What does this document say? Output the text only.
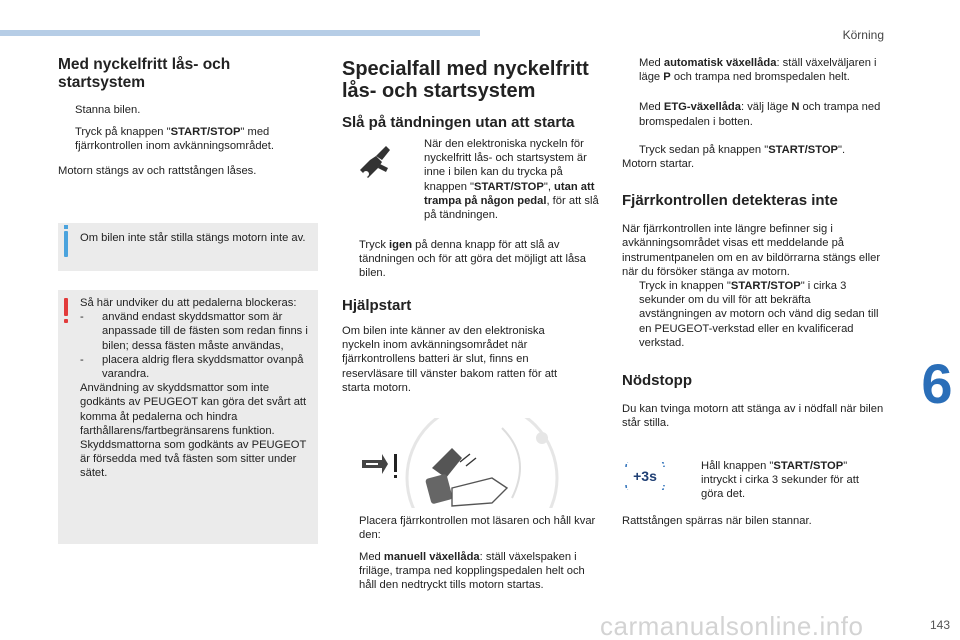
Körning
6
143
carmanualsonline.info
Med nyckelfritt lås- och startsystem
Stanna bilen.
Tryck på knappen "START/STOP" med fjärrkontrollen inom avkänningsområdet.

Motorn stängs av och rattstången låses.

Om bilen inte står stilla stängs motorn inte av.

Så här undviker du att pedalerna blockeras:

- använd endast skyddsmattor som är anpassade till de fästen som redan finns i bilen; dessa fästen måste användas,
- placera aldrig flera skyddsmattor ovanpå varandra.

Användning av skyddsmattor som inte godkänts av PEUGEOT kan göra det svårt att komma åt pedalerna och hindra farthållarens/fartbegränsarens funktion. Skyddsmattorna som godkänts av PEUGEOT är försedda med två fästen som sitter under sätet.

Specialfall med nyckelfritt lås- och startsystem
Slå på tändningen utan att starta
När den elektroniska nyckeln för nyckelfritt lås- och startsystem är inne i bilen kan du trycka på knappen "START/STOP", utan att trampa på någon pedal, för att slå på tändningen.
Tryck igen på denna knapp för att slå av tändningen och för att göra det möjligt att låsa bilen.
Hjälpstart

Om bilen inte känner av den elektroniska nyckeln inom avkänningsområdet när fjärrkontrollens batteri är slut, finns en reservläsare till vänster bakom ratten för att starta motorn.

Placera fjärrkontrollen mot läsaren och håll kvar den:
Med manuell växellåda: ställ växelspaken i friläge, trampa ned kopplingspedalen helt och håll den nedtryckt tills motorn startas.
Med automatisk växellåda: ställ växelväljaren i läge P och trampa ned bromspedalen helt.
Med ETG-växellåda: välj läge N och trampa ned bromspedalen i botten.
Tryck sedan på knappen "START/STOP".

Motorn startar.

Fjärrkontrollen detekteras inte

När fjärrkontrollen inte längre befinner sig i avkänningsområdet visas ett meddelande på instrumentpanelen om en av bildörrarna stängs eller när du försöker stänga av motorn.

Tryck in knappen "START/STOP" i cirka 3 sekunder om du vill för att bekräfta avstängningen av motorn och vänd dig sedan till en PEUGEOT-verkstad eller en kvalificerad verkstad.
Nödstopp

Du kan tvinga motorn att stänga av i nödfall när bilen står stilla.

+3s
Håll knappen "START/STOP" intryckt i cirka 3 sekunder för att göra det.

Rattstången spärras när bilen stannar.
